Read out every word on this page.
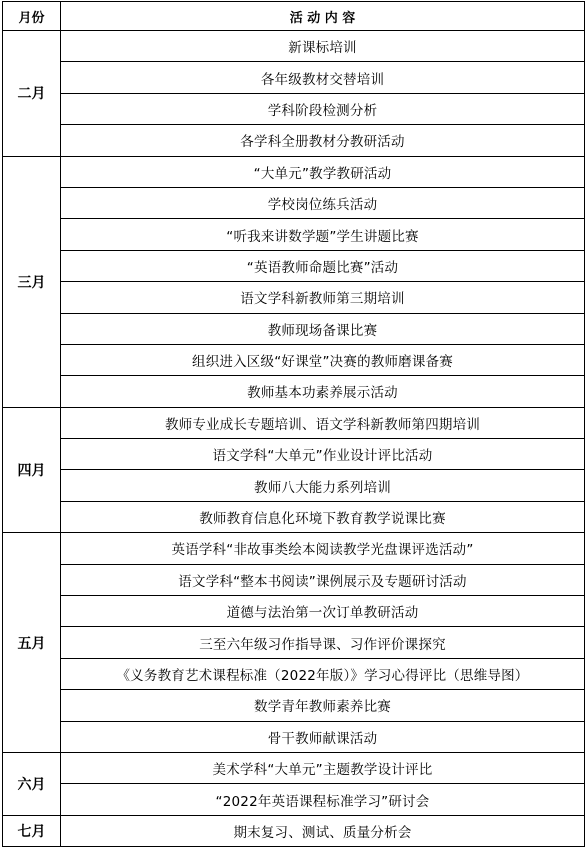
月份	活 动 内 容
二月	新课标培训
	各年级教材交替培训
	学科阶段检测分析
	各学科全册教材分教研活动
三月	“大单元”教学教研活动
	学校岗位练兵活动
	“听我来讲数学题”学生讲题比赛
	“英语教师命题比赛”活动
	语文学科新教师第三期培训
	教师现场备课比赛
	组织进入区级“好课堂”决赛的教师磨课备赛
	教师基本功素养展示活动
四月	教师专业成长专题培训、语文学科新教师第四期培训
	语文学科“大单元”作业设计评比活动
	教师八大能力系列培训
	教师教育信息化环境下教育教学说课比赛
五月	英语学科“非故事类绘本阅读教学光盘课评选活动”
	语文学科“整本书阅读”课例展示及专题研讨活动
	道德与法治第一次订单教研活动
	三至六年级习作指导课、习作评价课探究
	《义务教育艺术课程标准（2022年版）》学习心得评比（思维导图）
	数学青年教师素养比赛
	骨干教师献课活动
六月	美术学科“大单元”主题教学设计评比
	“2022年英语课程标准学习”研讨会
七月	期末复习、测试、质量分析会
